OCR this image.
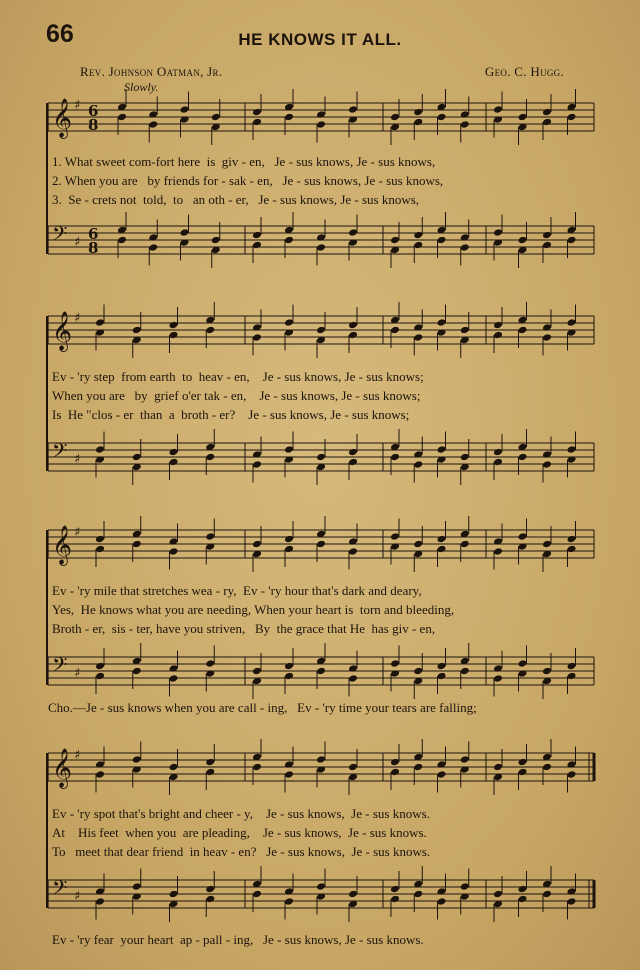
66	HE KNOWS IT ALL.
Rev. Johnson Oatman, Jr.	Geo. C. Hugg.
Slowly.
𝄞 ♯ 6
8
𝄞 ♯
𝄞 ♯
𝄞 ♯
𝄢 ♯ 6
8
𝄢 ♯
𝄢 ♯
𝄢 ♯
1. What sweet com-fort here  is  giv - en,   Je - sus knows, Je - sus knows,
2. When you are   by friends for - sak - en,   Je - sus knows, Je - sus knows,
3.  Se - crets not  told,  to   an oth - er,   Je - sus knows, Je - sus knows,
Ev - 'ry step  from earth  to  heav - en,    Je - sus knows, Je - sus knows;
When you are   by  grief o'er tak - en,    Je - sus knows, Je - sus knows;
Is  He "clos - er  than  a  broth - er?    Je - sus knows, Je - sus knows;
Ev - 'ry mile that stretches wea - ry,  Ev - 'ry hour that's dark and deary,
Yes,  He knows what you are needing, When your heart is  torn and bleeding,
Broth - er,  sis - ter, have you striven,   By  the grace that He  has giv - en,
Cho.—Je - sus knows when you are call - ing,   Ev - 'ry time your tears are falling;
Ev - 'ry spot that's bright and cheer - y,    Je - sus knows,  Je - sus knows.
At    His feet  when you  are pleading,    Je - sus knows,  Je - sus knows.
To   meet that dear friend  in heav - en?   Je - sus knows,  Je - sus knows.
Ev - 'ry fear  your heart  ap - pall - ing,   Je - sus knows, Je - sus knows.
